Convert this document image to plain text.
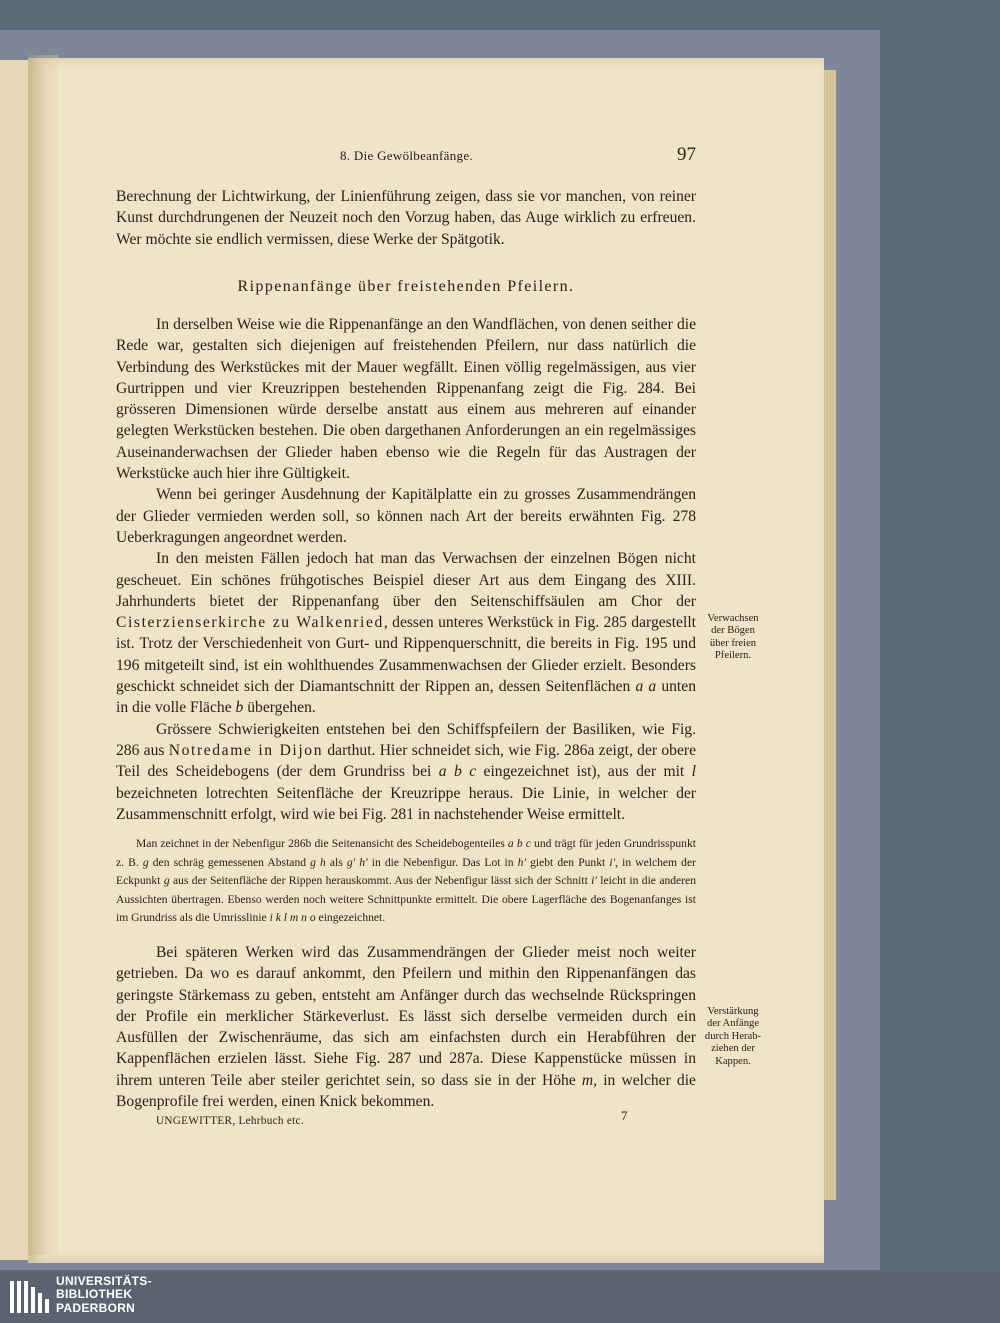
8. Die Gewölbeanfänge.	97

Berechnung der Lichtwirkung, der Linienführung zeigen, dass sie vor manchen, von reiner Kunst durchdrungenen der Neuzeit noch den Vorzug haben, das Auge wirklich zu erfreuen. Wer möchte sie endlich vermissen, diese Werke der Spätgotik.

Rippenanfänge über freistehenden Pfeilern.

In derselben Weise wie die Rippenanfänge an den Wandflächen, von denen seither die Rede war, gestalten sich diejenigen auf freistehenden Pfeilern, nur dass natürlich die Verbindung des Werkstückes mit der Mauer wegfällt. Einen völlig regelmässigen, aus vier Gurtrippen und vier Kreuzrippen bestehenden Rippenanfang zeigt die Fig. 284. Bei grösseren Dimensionen würde derselbe anstatt aus einem aus mehreren auf einander gelegten Werkstücken bestehen. Die oben dargethanen Anforderungen an ein regelmässiges Auseinanderwachsen der Glieder haben ebenso wie die Regeln für das Austragen der Werkstücke auch hier ihre Gültigkeit.

Wenn bei geringer Ausdehnung der Kapitälplatte ein zu grosses Zusammendrängen der Glieder vermieden werden soll, so können nach Art der bereits erwähnten Fig. 278 Ueberkragungen angeordnet werden.

In den meisten Fällen jedoch hat man das Verwachsen der einzelnen Bögen nicht gescheuet. Ein schönes frühgotisches Beispiel dieser Art aus dem Eingang des XIII. Jahrhunderts bietet der Rippenanfang über den Seitenschiffsäulen am Chor der Cisterzienserkirche zu Walkenried, dessen unteres Werkstück in Fig. 285 dargestellt ist. Trotz der Verschiedenheit von Gurt- und Rippenquerschnitt, die bereits in Fig. 195 und 196 mitgeteilt sind, ist ein wohlthuendes Zusammenwachsen der Glieder erzielt. Besonders geschickt schneidet sich der Diamantschnitt der Rippen an, dessen Seitenflächen a a unten in die volle Fläche b übergehen.

Grössere Schwierigkeiten entstehen bei den Schiffspfeilern der Basiliken, wie Fig. 286 aus Notredame in Dijon darthut. Hier schneidet sich, wie Fig. 286a zeigt, der obere Teil des Scheidebogens (der dem Grundriss bei a b c eingezeichnet ist), aus der mit l bezeichneten lotrechten Seitenfläche der Kreuzrippe heraus. Die Linie, in welcher der Zusammenschnitt erfolgt, wird wie bei Fig. 281 in nachstehender Weise ermittelt.

Man zeichnet in der Nebenfigur 286b die Seitenansicht des Scheidebogenteiles a b c und trägt für jeden Grundrisspunkt z. B. g den schräg gemessenen Abstand g h als g′ h′ in die Nebenfigur. Das Lot in h′ giebt den Punkt i′, in welchem der Eckpunkt g aus der Seitenfläche der Rippen herauskommt. Aus der Nebenfigur lässt sich der Schnitt i′ leicht in die anderen Aussichten übertragen. Ebenso werden noch weitere Schnittpunkte ermittelt. Die obere Lagerfläche des Bogenanfanges ist im Grundriss als die Umrisslinie i k l m n o eingezeichnet.

Bei späteren Werken wird das Zusammendrängen der Glieder meist noch weiter getrieben. Da wo es darauf ankommt, den Pfeilern und mithin den Rippenanfängen das geringste Stärkemass zu geben, entsteht am Anfänger durch das wechselnde Rückspringen der Profile ein merklicher Stärkeverlust. Es lässt sich derselbe vermeiden durch ein Ausfüllen der Zwischenräume, das sich am einfachsten durch ein Herabführen der Kappenflächen erzielen lässt. Siehe Fig. 287 und 287a. Diese Kappenstücke müssen in ihrem unteren Teile aber steiler gerichtet sein, so dass sie in der Höhe m, in welcher die Bogenprofile frei werden, einen Knick bekommen.

Verwachsen
der Bögen
über freien
Pfeilern.
Verstärkung
der Anfänge
durch Herab-
ziehen der
Kappen.
UNGEWITTER, Lehrbuch etc.	7
UNIVERSITÄTS-
BIBLIOTHEK
PADERBORN
